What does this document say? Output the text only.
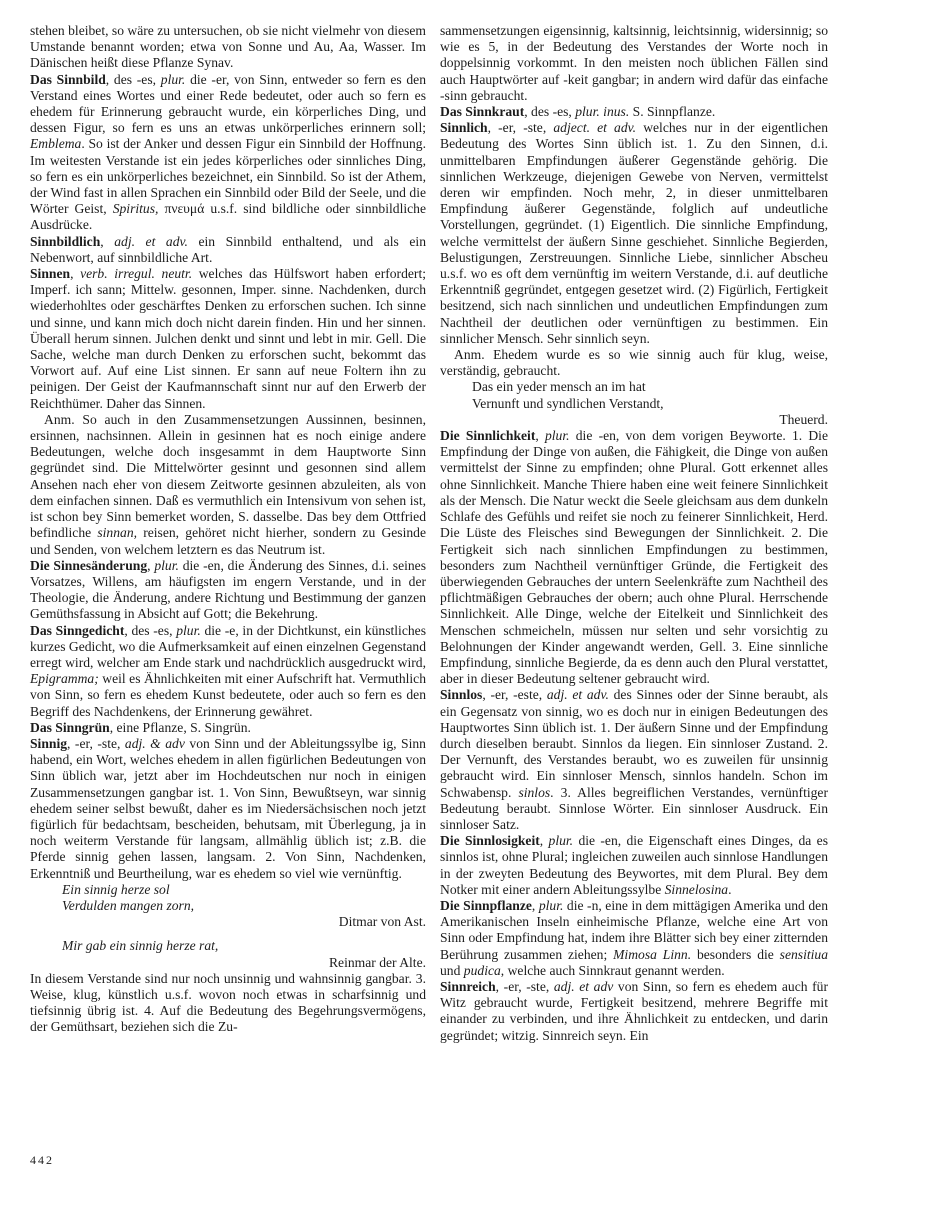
stehen bleibet, so wäre zu untersuchen, ob sie nicht vielmehr von diesem Umstande benannt worden; etwa von Sonne und Au, Aa, Wasser. Im Dänischen heißt diese Pflanze Synav.

Das Sinnbild, des -es, plur. die -er, von Sinn, entweder so fern es den Verstand eines Wortes und einer Rede bedeutet, oder auch so fern es ehedem für Erinnerung gebraucht wurde, ein körperliches Ding, und dessen Figur, so fern es uns an etwas unkörperliches erinnern soll; Emblema. So ist der Anker und dessen Figur ein Sinnbild der Hoffnung. Im weitesten Verstande ist ein jedes körperliches oder sinnliches Ding, so fern es ein unkörperliches bezeichnet, ein Sinnbild. So ist der Athem, der Wind fast in allen Sprachen ein Sinnbild oder Bild der Seele, und die Wörter Geist, Spiritus, πνευμά u.s.f. sind bildliche oder sinnbildliche Ausdrücke.

Sinnbildlich, adj. et adv. ein Sinnbild enthaltend, und als ein Nebenwort, auf sinnbildliche Art.

Sinnen, verb. irregul. neutr. welches das Hülfswort haben erfordert; Imperf. ich sann; Mittelw. gesonnen, Imper. sinne. Nachdenken, durch wiederhohltes oder geschärftes Denken zu erforschen suchen. Ich sinne und sinne, und kann mich doch nicht darein finden. Hin und her sinnen. Überall herum sinnen. Julchen denkt und sinnt und lebt in mir. Gell. Die Sache, welche man durch Denken zu erforschen sucht, bekommt das Vorwort auf. Auf eine List sinnen. Er sann auf neue Foltern ihn zu peinigen. Der Geist der Kaufmannschaft sinnt nur auf den Erwerb der Reichthümer. Daher das Sinnen.

Anm. So auch in den Zusammensetzungen Aussinnen, besinnen, ersinnen, nachsinnen. Allein in gesinnen hat es noch einige andere Bedeutungen, welche doch insgesammt in dem Hauptworte Sinn gegründet sind. Die Mittelwörter gesinnt und gesonnen sind allem Ansehen nach eher von diesem Zeitworte gesinnen abzuleiten, als von dem einfachen sinnen. Daß es vermuthlich ein Intensivum von sehen ist, ist schon bey Sinn bemerket worden, S. dasselbe. Das bey dem Ottfried befindliche sinnan, reisen, gehöret nicht hierher, sondern zu Gesinde und Senden, von welchem letztern es das Neutrum ist.

Die Sinnesänderung, plur. die -en, die Änderung des Sinnes, d.i. seines Vorsatzes, Willens, am häufigsten im engern Verstande, und in der Theologie, die Änderung, andere Richtung und Bestimmung der ganzen Gemüthsfassung in Absicht auf Gott; die Bekehrung.

Das Sinngedicht, des -es, plur. die -e, in der Dichtkunst, ein künstliches kurzes Gedicht, wo die Aufmerksamkeit auf einen einzelnen Gegenstand erregt wird, welcher am Ende stark und nachdrücklich ausgedruckt wird, Epigramma; weil es Ähnlichkeiten mit einer Aufschrift hat. Vermuthlich von Sinn, so fern es ehedem Kunst bedeutete, oder auch so fern es den Begriff des Nachdenkens, der Erinnerung gewähret.

Das Sinngrün, eine Pflanze, S. Singrün.

Sinnig, -er, -ste, adj. & adv von Sinn und der Ableitungssylbe ig, Sinn habend, ein Wort, welches ehedem in allen figürlichen Bedeutungen von Sinn üblich war, jetzt aber im Hochdeutschen nur noch in einigen Zusammensetzungen gangbar ist. 1. Von Sinn, Bewußtseyn, war sinnig ehedem seiner selbst bewußt, daher es im Niedersächsischen noch jetzt figürlich für bedachtsam, bescheiden, behutsam, mit Überlegung, ja in noch weiterm Verstande für langsam, allmählig üblich ist; z.B. die Pferde sinnig gehen lassen, langsam. 2. Von Sinn, Nachdenken, Erkenntniß und Beurtheilung, war es ehedem so viel wie vernünftig.

Ein sinnig herze sol

Verdulden mangen zorn,

Ditmar von Ast.

Mir gab ein sinnig herze rat,

Reinmar der Alte.

In diesem Verstande sind nur noch unsinnig und wahnsinnig gangbar. 3. Weise, klug, künstlich u.s.f. wovon noch etwas in scharfsinnig und tiefsinnig übrig ist. 4. Auf die Bedeutung des Begehrungsvermögens, der Gemüthsart, beziehen sich die Zu-

sammensetzungen eigensinnig, kaltsinnig, leichtsinnig, widersinnig; so wie es 5, in der Bedeutung des Verstandes der Worte noch in doppelsinnig vorkommt. In den meisten noch üblichen Fällen sind auch Hauptwörter auf -keit gangbar; in andern wird dafür das einfache -sinn gebraucht.

Das Sinnkraut, des -es, plur. inus. S. Sinnpflanze.

Sinnlich, -er, -ste, adject. et adv. welches nur in der eigentlichen Bedeutung des Wortes Sinn üblich ist. 1. Zu den Sinnen, d.i. unmittelbaren Empfindungen äußerer Gegenstände gehörig. Die sinnlichen Werkzeuge, diejenigen Gewebe von Nerven, vermittelst deren wir empfinden. Noch mehr, 2, in dieser unmittelbaren Empfindung äußerer Gegenstände, folglich auf undeutliche Vorstellungen, gegründet. (1) Eigentlich. Die sinnliche Empfindung, welche vermittelst der äußern Sinne geschiehet. Sinnliche Begierden, Belustigungen, Zerstreuungen. Sinnliche Liebe, sinnlicher Abscheu u.s.f. wo es oft dem vernünftig im weitern Verstande, d.i. auf deutliche Erkenntniß gegründet, entgegen gesetzet wird. (2) Figürlich, Fertigkeit besitzend, sich nach sinnlichen und undeutlichen Empfindungen zum Nachtheil der deutlichen oder vernünftigen zu bestimmen. Ein sinnlicher Mensch. Sehr sinnlich seyn.

Anm. Ehedem wurde es so wie sinnig auch für klug, weise, verständig, gebraucht.

Das ein yeder mensch an im hat

Vernunft und syndlichen Verstandt,

Theuerd.

Die Sinnlichkeit, plur. die -en, von dem vorigen Beyworte. 1. Die Empfindung der Dinge von außen, die Fähigkeit, die Dinge von außen vermittelst der Sinne zu empfinden; ohne Plural. Gott erkennet alles ohne Sinnlichkeit. Manche Thiere haben eine weit feinere Sinnlichkeit als der Mensch. Die Natur weckt die Seele gleichsam aus dem dunkeln Schlafe des Gefühls und reifet sie noch zu feinerer Sinnlichkeit, Herd. Die Lüste des Fleisches sind Bewegungen der Sinnlichkeit. 2. Die Fertigkeit sich nach sinnlichen Empfindungen zu bestimmen, besonders zum Nachtheil vernünftiger Gründe, die Fertigkeit des überwiegenden Gebrauches der untern Seelenkräfte zum Nachtheil des pflichtmäßigen Gebrauches der obern; auch ohne Plural. Herrschende Sinnlichkeit. Alle Dinge, welche der Eitelkeit und Sinnlichkeit des Menschen schmeicheln, müssen nur selten und sehr vorsichtig zu Belohnungen der Kinder angewandt werden, Gell. 3. Eine sinnliche Empfindung, sinnliche Begierde, da es denn auch den Plural verstattet, aber in dieser Bedeutung seltener gebraucht wird.

Sinnlos, -er, -este, adj. et adv. des Sinnes oder der Sinne beraubt, als ein Gegensatz von sinnig, wo es doch nur in einigen Bedeutungen des Hauptwortes Sinn üblich ist. 1. Der äußern Sinne und der Empfindung durch dieselben beraubt. Sinnlos da liegen. Ein sinnloser Zustand. 2. Der Vernunft, des Verstandes beraubt, wo es zuweilen für unsinnig gebraucht wird. Ein sinnloser Mensch, sinnlos handeln. Schon im Schwabensp. sinlos. 3. Alles begreiflichen Verstandes, vernünftiger Bedeutung beraubt. Sinnlose Wörter. Ein sinnloser Ausdruck. Ein sinnloser Satz.

Die Sinnlosigkeit, plur. die -en, die Eigenschaft eines Dinges, da es sinnlos ist, ohne Plural; ingleichen zuweilen auch sinnlose Handlungen in der zweyten Bedeutung des Beywortes, mit dem Plural. Bey dem Notker mit einer andern Ableitungssylbe Sinnelosina.

Die Sinnpflanze, plur. die -n, eine in dem mittägigen Amerika und den Amerikanischen Inseln einheimische Pflanze, welche eine Art von Sinn oder Empfindung hat, indem ihre Blätter sich bey einer zitternden Berührung zusammen ziehen; Mimosa Linn. besonders die sensitiua und pudica, welche auch Sinnkraut genannt werden.

Sinnreich, -er, -ste, adj. et adv von Sinn, so fern es ehedem auch für Witz gebraucht wurde, Fertigkeit besitzend, mehrere Begriffe mit einander zu verbinden, und ihre Ähnlichkeit zu entdecken, und darin gegründet; witzig. Sinnreich seyn. Ein

442
